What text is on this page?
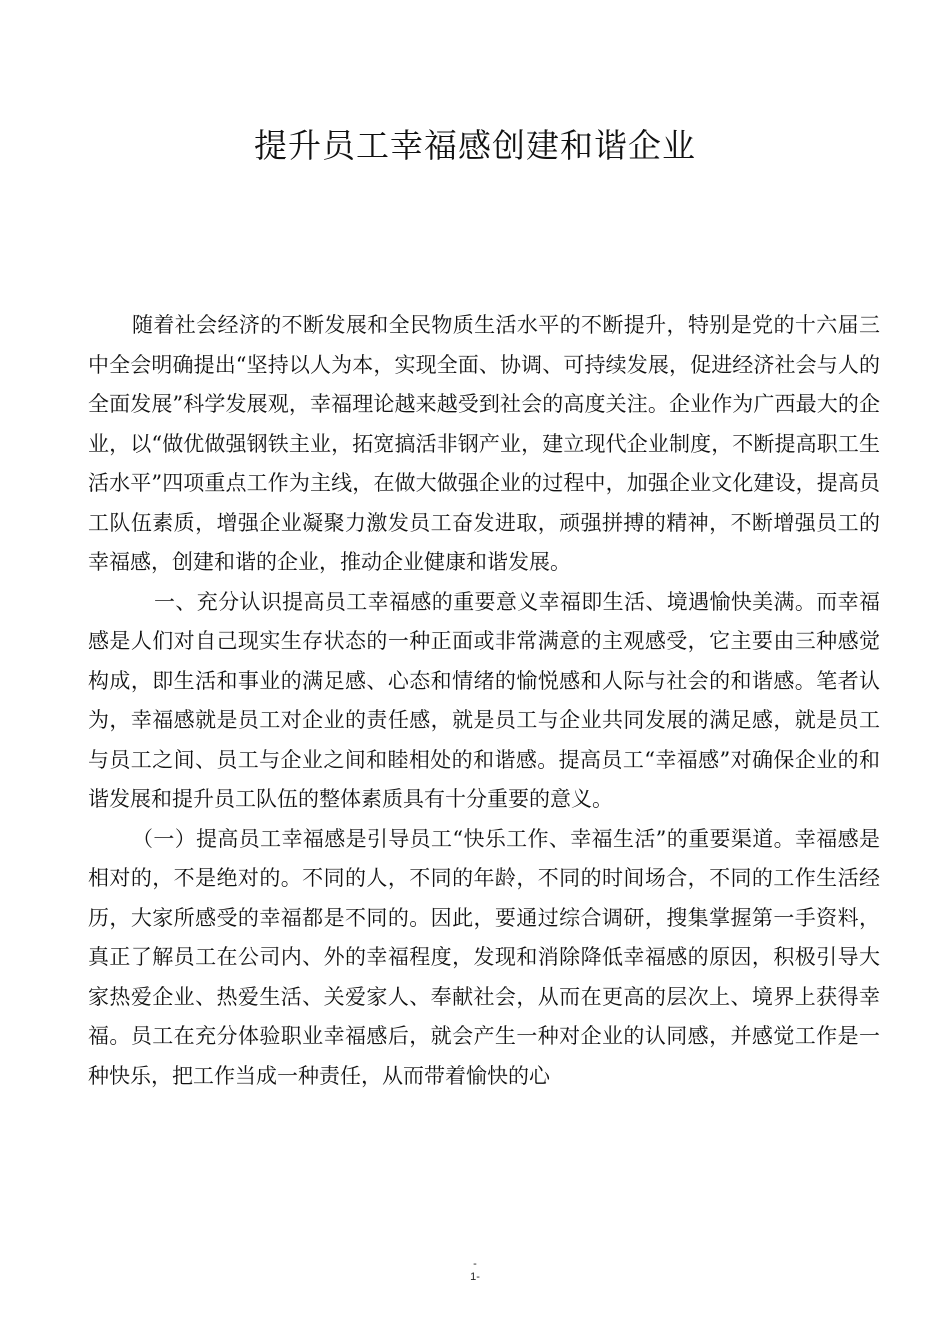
提升员工幸福感创建和谐企业

随着社会经济的不断发展和全民物质生活水平的不断提升，特别是党的十六届三中全会明确提出“坚持以人为本，实现全面、协调、可持续发展，促进经济社会与人的全面发展”科学发展观，幸福理论越来越受到社会的高度关注。企业作为广西最大的企业，以“做优做强钢铁主业，拓宽搞活非钢产业，建立现代企业制度，不断提高职工生活水平”四项重点工作为主线，在做大做强企业的过程中，加强企业文化建设，提高员工队伍素质，增强企业凝聚力激发员工奋发进取，顽强拼搏的精神，不断增强员工的幸福感，创建和谐的企业，推动企业健康和谐发展。

一、充分认识提高员工幸福感的重要意义幸福即生活、境遇愉快美满。而幸福感是人们对自己现实生存状态的一种正面或非常满意的主观感受，它主要由三种感觉构成，即生活和事业的满足感、心态和情绪的愉悦感和人际与社会的和谐感。笔者认为，幸福感就是员工对企业的责任感，就是员工与企业共同发展的满足感，就是员工与员工之间、员工与企业之间和睦相处的和谐感。提高员工“幸福感”对确保企业的和谐发展和提升员工队伍的整体素质具有十分重要的意义。

（一）提高员工幸福感是引导员工“快乐工作、幸福生活”的重要渠道。幸福感是相对的，不是绝对的。不同的人，不同的年龄，不同的时间场合，不同的工作生活经历，大家所感受的幸福都是不同的。因此，要通过综合调研，搜集掌握第一手资料，真正了解员工在公司内、外的幸福程度，发现和消除降低幸福感的原因，积极引导大家热爱企业、热爱生活、关爱家人、奉献社会，从而在更高的层次上、境界上获得幸福。员工在充分体验职业幸福感后，就会产生一种对企业的认同感，并感觉工作是一种快乐，把工作当成一种责任，从而带着愉快的心

-
1-
